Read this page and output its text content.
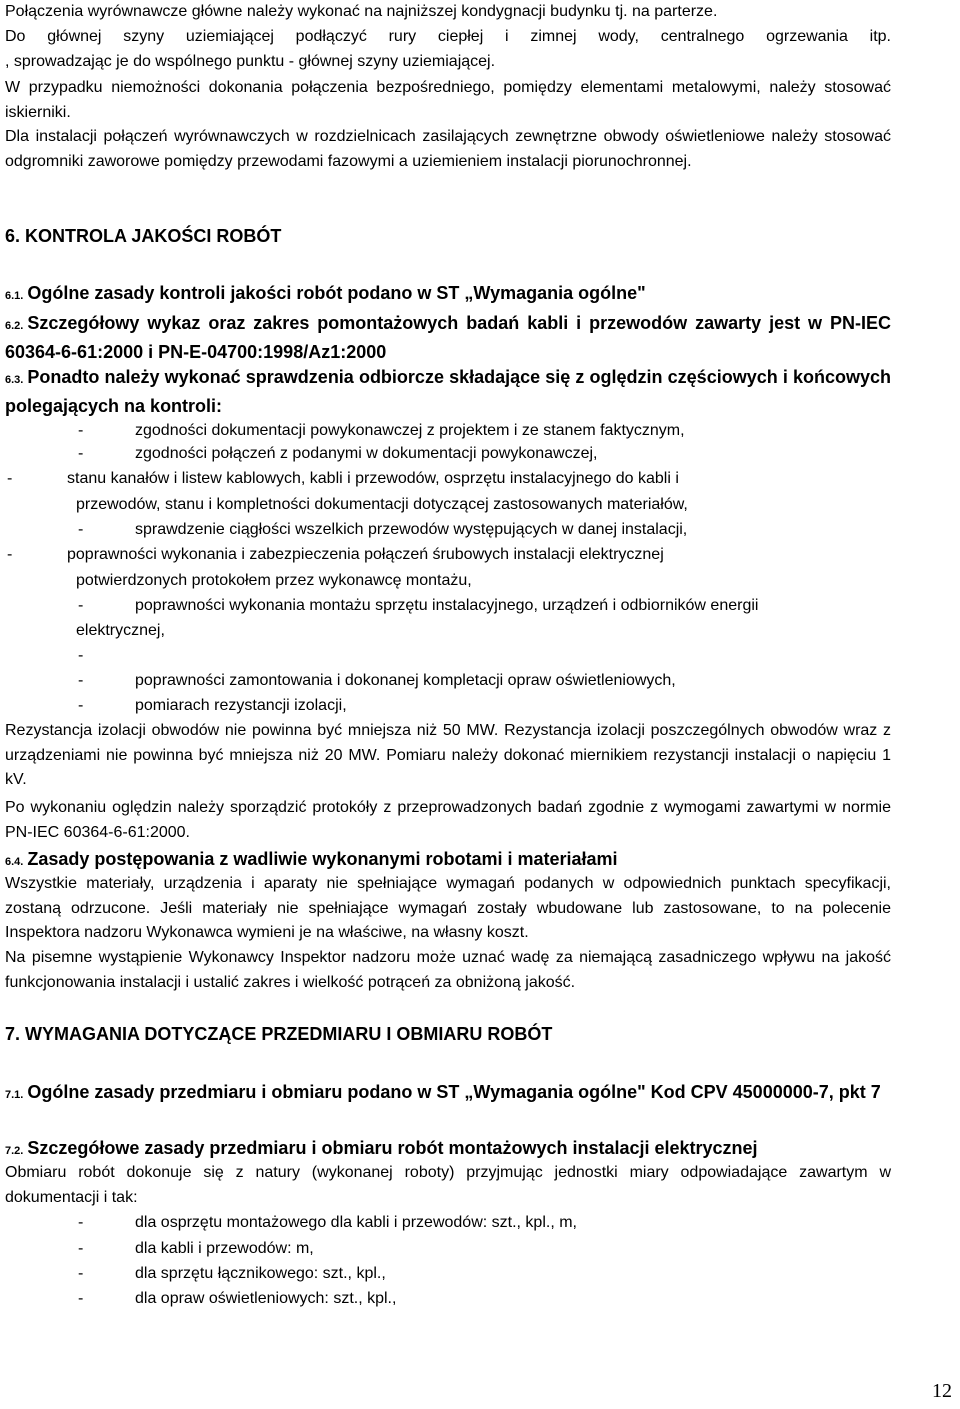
Połączenia wyrównawcze główne należy wykonać na najniższej kondygnacji budynku tj. na parterze.
Do głównej szyny uziemiającej podłączyć rury ciepłej i zimnej wody, centralnego ogrzewania itp.
, sprowadzając je do wspólnego punktu - głównej szyny uziemiającej.

W przypadku niemożności dokonania połączenia bezpośredniego, pomiędzy elementami metalowymi, należy stosować iskierniki.

Dla instalacji połączeń wyrównawczych w rozdzielnicach zasilających zewnętrzne obwody oświetleniowe należy stosować odgromniki zaworowe pomiędzy przewodami fazowymi a uziemieniem instalacji piorunochronnej.

6. KONTROLA JAKOŚCI ROBÓT
6.1. Ogólne zasady kontroli jakości robót podano w ST „Wymagania ogólne"
6.2. Szczegółowy wykaz oraz zakres pomontażowych badań kabli i przewodów zawarty jest w PN-IEC 60364-6-61:2000 i PN-E-04700:1998/Az1:2000
6.3. Ponadto należy wykonać sprawdzenia odbiorcze składające się z oględzin częściowych i końcowych polegających na kontroli:
-	zgodności dokumentacji powykonawczej z projektem i ze stanem faktycznym,
-	zgodności połączeń z podanymi w dokumentacji powykonawczej,
-	stanu kanałów i listew kablowych, kabli i przewodów, osprzętu instalacyjnego do kabli i
przewodów, stanu i kompletności dokumentacji dotyczącej zastosowanych materiałów,
-	sprawdzenie ciągłości wszelkich przewodów występujących w danej instalacji,
-	poprawności wykonania i zabezpieczenia połączeń śrubowych instalacji elektrycznej
potwierdzonych protokołem przez wykonawcę montażu,
-	poprawności wykonania montażu sprzętu instalacyjnego, urządzeń i odbiorników energii
elektrycznej,
-
-	poprawności zamontowania i dokonanej kompletacji opraw oświetleniowych,
-	pomiarach rezystancji izolacji,

Rezystancja izolacji obwodów nie powinna być mniejsza niż 50 MW. Rezystancja izolacji poszczególnych obwodów wraz z urządzeniami nie powinna być mniejsza niż 20 MW. Pomiaru należy dokonać miernikiem rezystancji instalacji o napięciu 1 kV.

Po wykonaniu oględzin należy sporządzić protokóły z przeprowadzonych badań zgodnie z wymogami zawartymi w normie PN-IEC 60364-6-61:2000.

6.4. Zasady postępowania z wadliwie wykonanymi robotami i materiałami

Wszystkie materiały, urządzenia i aparaty nie spełniające wymagań podanych w odpowiednich punktach specyfikacji, zostaną odrzucone. Jeśli materiały nie spełniające wymagań zostały wbudowane lub zastosowane, to na polecenie Inspektora nadzoru Wykonawca wymieni je na właściwe, na własny koszt.

Na pisemne wystąpienie Wykonawcy Inspektor nadzoru może uznać wadę za niemającą zasadniczego wpływu na jakość funkcjonowania instalacji i ustalić zakres i wielkość potrąceń za obniżoną jakość.

7. WYMAGANIA DOTYCZĄCE PRZEDMIARU I OBMIARU ROBÓT
7.1. Ogólne zasady przedmiaru i obmiaru podano w ST „Wymagania ogólne" Kod CPV 45000000-7, pkt 7
7.2. Szczegółowe zasady przedmiaru i obmiaru robót montażowych instalacji elektrycznej

Obmiaru robót dokonuje się z natury (wykonanej roboty) przyjmując jednostki miary odpowiadające zawartym w dokumentacji i tak:

-	dla osprzętu montażowego dla kabli i przewodów: szt., kpl., m,
-	dla kabli i przewodów: m,
-	dla sprzętu łącznikowego: szt., kpl.,
-	dla opraw oświetleniowych: szt., kpl.,
12
